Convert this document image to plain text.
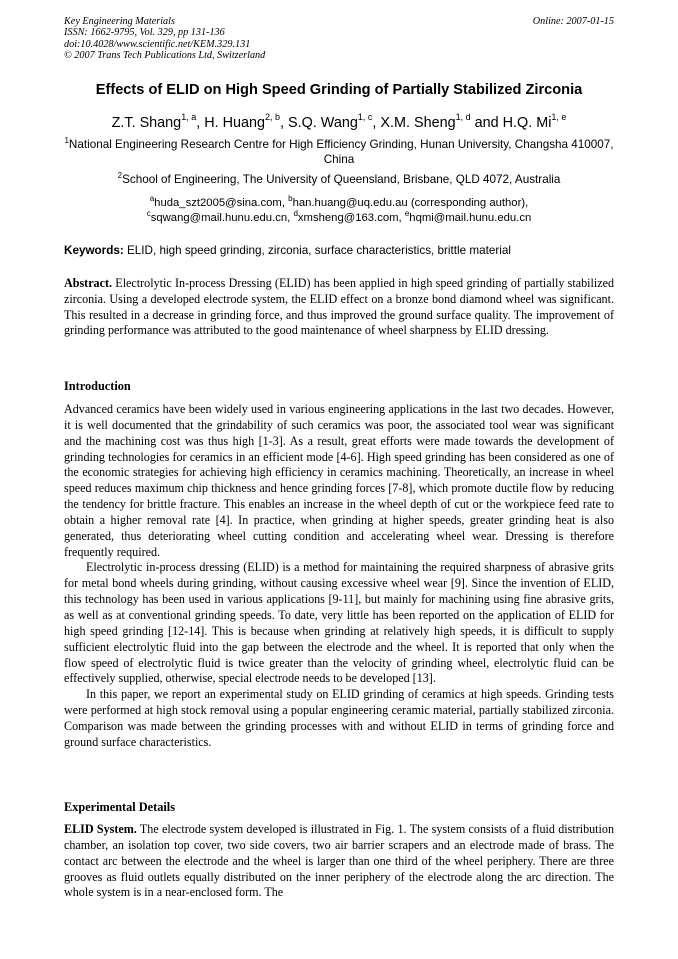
Key Engineering Materials
ISSN: 1662-9795, Vol. 329, pp 131-136
doi:10.4028/www.scientific.net/KEM.329.131
© 2007 Trans Tech Publications Ltd, Switzerland
Online: 2007-01-15
Effects of ELID on High Speed Grinding of Partially Stabilized Zirconia
Z.T. Shang$^{1, a}$, H. Huang$^{2, b}$, S.Q. Wang$^{1, c}$, X.M. Sheng$^{1, d}$ and H.Q. Mi$^{1, e}$
$^1$National Engineering Research Centre for High Efficiency Grinding, Hunan University, Changsha 410007, China
$^2$School of Engineering, The University of Queensland, Brisbane, QLD 4072, Australia
$^a$huda_szt2005@sina.com, $^b$han.huang@uq.edu.au (corresponding author),
$^c$sqwang@mail.hunu.edu.cn, $^d$xmsheng@163.com, $^e$hqmi@mail.hunu.edu.cn
Keywords: ELID, high speed grinding, zirconia, surface characteristics, brittle material
Abstract. Electrolytic In-process Dressing (ELID) has been applied in high speed grinding of partially stabilized zirconia. Using a developed electrode system, the ELID effect on a bronze bond diamond wheel was significant. This resulted in a decrease in grinding force, and thus improved the ground surface quality. The improvement of grinding performance was attributed to the good maintenance of wheel sharpness by ELID dressing.
Introduction

Advanced ceramics have been widely used in various engineering applications in the last two decades. However, it is well documented that the grindability of such ceramics was poor, the associated tool wear was significant and the machining cost was thus high [1-3]. As a result, great efforts were made towards the development of grinding technologies for ceramics in an efficient mode [4-6]. High speed grinding has been considered as one of the economic strategies for achieving high efficiency in ceramics machining. Theoretically, an increase in wheel speed reduces maximum chip thickness and hence grinding forces [7-8], which promote ductile flow by reducing the tendency for brittle fracture. This enables an increase in the wheel depth of cut or the workpiece feed rate to obtain a higher removal rate [4]. In practice, when grinding at higher speeds, greater grinding heat is also generated, thus deteriorating wheel cutting condition and accelerating wheel wear. Dressing is therefore frequently required.

Electrolytic in-process dressing (ELID) is a method for maintaining the required sharpness of abrasive grits for metal bond wheels during grinding, without causing excessive wheel wear [9]. Since the invention of ELID, this technology has been used in various applications [9-11], but mainly for machining using fine abrasive grits, as well as at conventional grinding speeds. To date, very little has been reported on the application of ELID for high speed grinding [12-14]. This is because when grinding at relatively high speeds, it is difficult to supply sufficient electrolytic fluid into the gap between the electrode and the wheel. It is reported that only when the flow speed of electrolytic fluid is twice greater than the velocity of grinding wheel, electrolytic fluid can be effectively supplied, otherwise, special electrode needs to be developed [13].

In this paper, we report an experimental study on ELID grinding of ceramics at high speeds. Grinding tests were performed at high stock removal using a popular engineering ceramic material, partially stabilized zirconia. Comparison was made between the grinding processes with and without ELID in terms of grinding force and ground surface characteristics.

Experimental Details

ELID System. The electrode system developed is illustrated in Fig. 1. The system consists of a fluid distribution chamber, an isolation top cover, two side covers, two air barrier scrapers and an electrode made of brass. The contact arc between the electrode and the wheel is larger than one third of the wheel periphery. There are three grooves as fluid outlets equally distributed on the inner periphery of the electrode along the arc direction. The whole system is in a near-enclosed form. The
